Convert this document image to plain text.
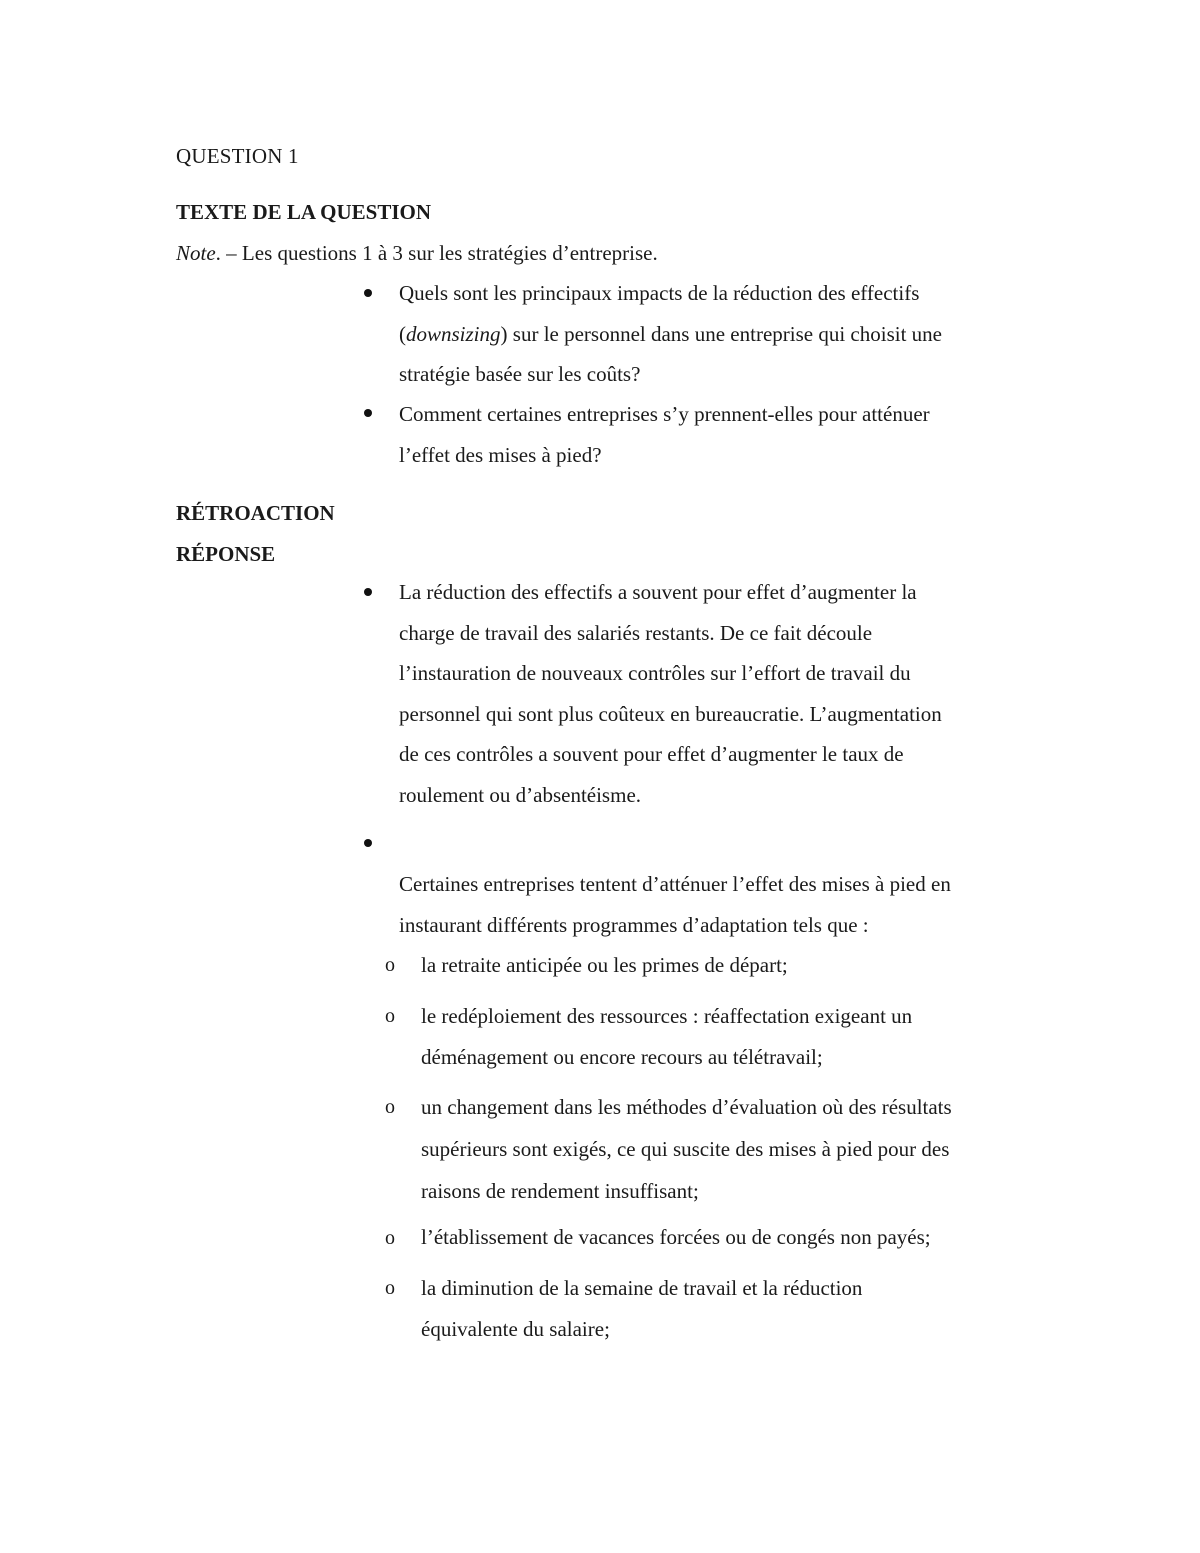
QUESTION 1
TEXTE DE LA QUESTION
Note. – Les questions 1 à 3 sur les stratégies d’entreprise.
Quels sont les principaux impacts de la réduction des effectifs
(downsizing) sur le personnel dans une entreprise qui choisit une
stratégie basée sur les coûts?
Comment certaines entreprises s’y prennent-elles pour atténuer
l’effet des mises à pied?
RÉTROACTION
RÉPONSE
La réduction des effectifs a souvent pour effet d’augmenter la
charge de travail des salariés restants. De ce fait découle
l’instauration de nouveaux contrôles sur l’effort de travail du
personnel qui sont plus coûteux en bureaucratie. L’augmentation
de ces contrôles a souvent pour effet d’augmenter le taux de
roulement ou d’absentéisme.
Certaines entreprises tentent d’atténuer l’effet des mises à pied en
instaurant différents programmes d’adaptation tels que :
o la retraite anticipée ou les primes de départ;
o le redéploiement des ressources : réaffectation exigeant un
déménagement ou encore recours au télétravail;
o un changement dans les méthodes d’évaluation où des résultats
supérieurs sont exigés, ce qui suscite des mises à pied pour des
raisons de rendement insuffisant;
o l’établissement de vacances forcées ou de congés non payés;
o la diminution de la semaine de travail et la réduction
équivalente du salaire;
